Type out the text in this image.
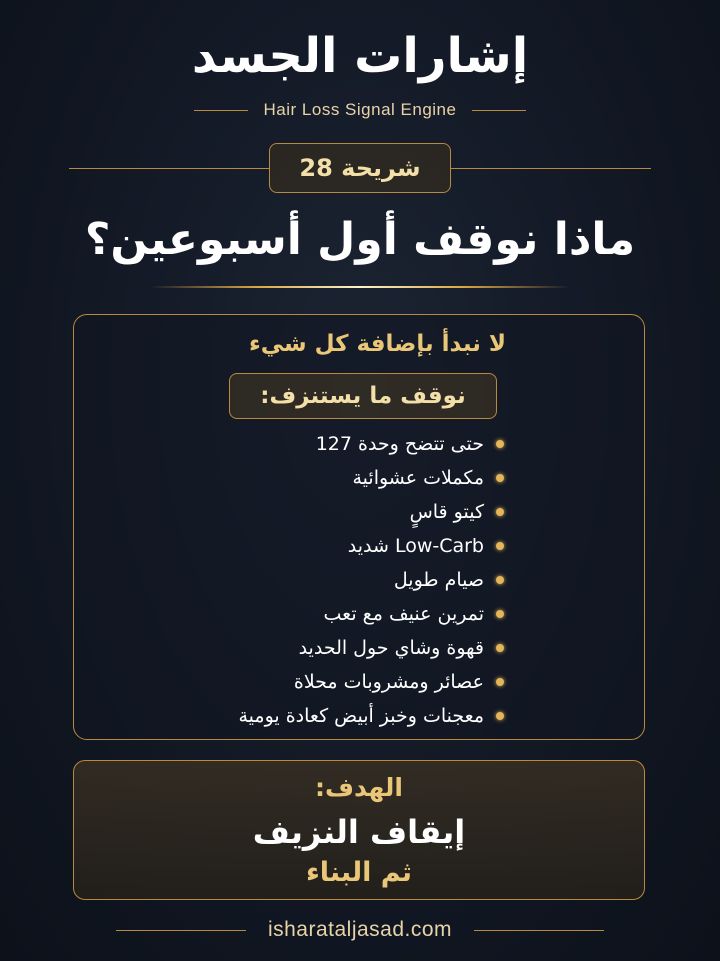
إشارات الجسد
Hair Loss Signal Engine
شريحة 28
ماذا نوقف أول أسبوعين؟
لا نبدأ بإضافة كل شيء
نوقف ما يستنزف:
حتى تتضح وحدة 127
مكملات عشوائية
كيتو قاسٍ
Low-Carb شديد
صيام طويل
تمرين عنيف مع تعب
قهوة وشاي حول الحديد
عصائر ومشروبات محلاة
معجنات وخبز أبيض كعادة يومية
الهدف:
إيقاف النزيف
ثم البناء
isharataljasad.com
